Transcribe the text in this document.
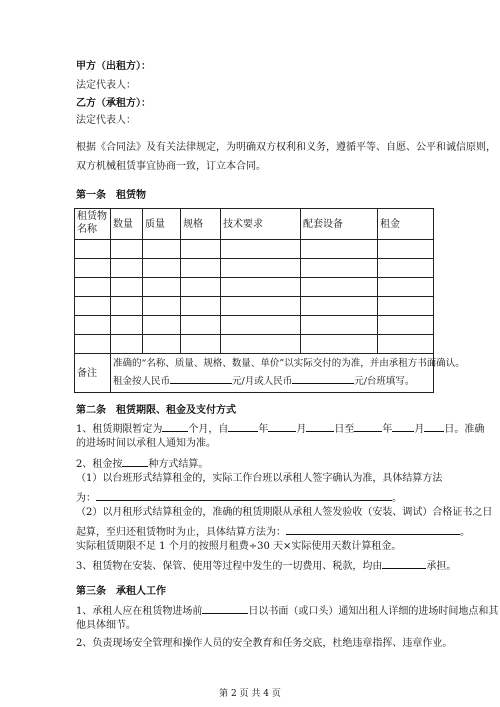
甲方（出租方）：
法定代表人：
乙方（承租方）：
法定代表人：
根据《合同法》及有关法律规定，为明确双方权利和义务，遵循平等、自愿、公平和诚信原则，
双方机械租赁事宜协商一致，订立本合同。
第一条　租赁物
租赁物名称	数量	质量	规格	技术要求	配套设备	租金

备注	准确的“名称、质量、规格、数量、单价”以实际交付的为准，并由承租方书面确认。
租金按人民币 元/月或人民币 元/台班填写。					
第二条　租赁期限、租金及支付方式
1、租赁期限暂定为	个月，自	年	月	日至	年 月 日。准确
的进场时间以承租人通知为准。
2、租金按	种方式结算。
（1）以台班形式结算租金的，实际工作台班以承租人签字确认为准，具体结算方法
为：	。
（2）以月租形式结算租金的，准确的租赁期限从承租人签发验收（安装、调试）合格证书之日
起算，至归还租赁物时为止，具体结算方法为：	。
实际租赁期限不足 1 个月的按照月租费÷30 天×实际使用天数计算租金。
3、租赁物在安装、保管、使用等过程中发生的一切费用、税款，均由	承担。
第三条　承租人工作
1、承租人应在租赁物进场前	日以书面（或口头）通知出租人详细的进场时间地点和其
他具体细节。
2、负责现场安全管理和操作人员的安全教育和任务交底，杜绝违章指挥、违章作业。
第 2 页 共 4 页
